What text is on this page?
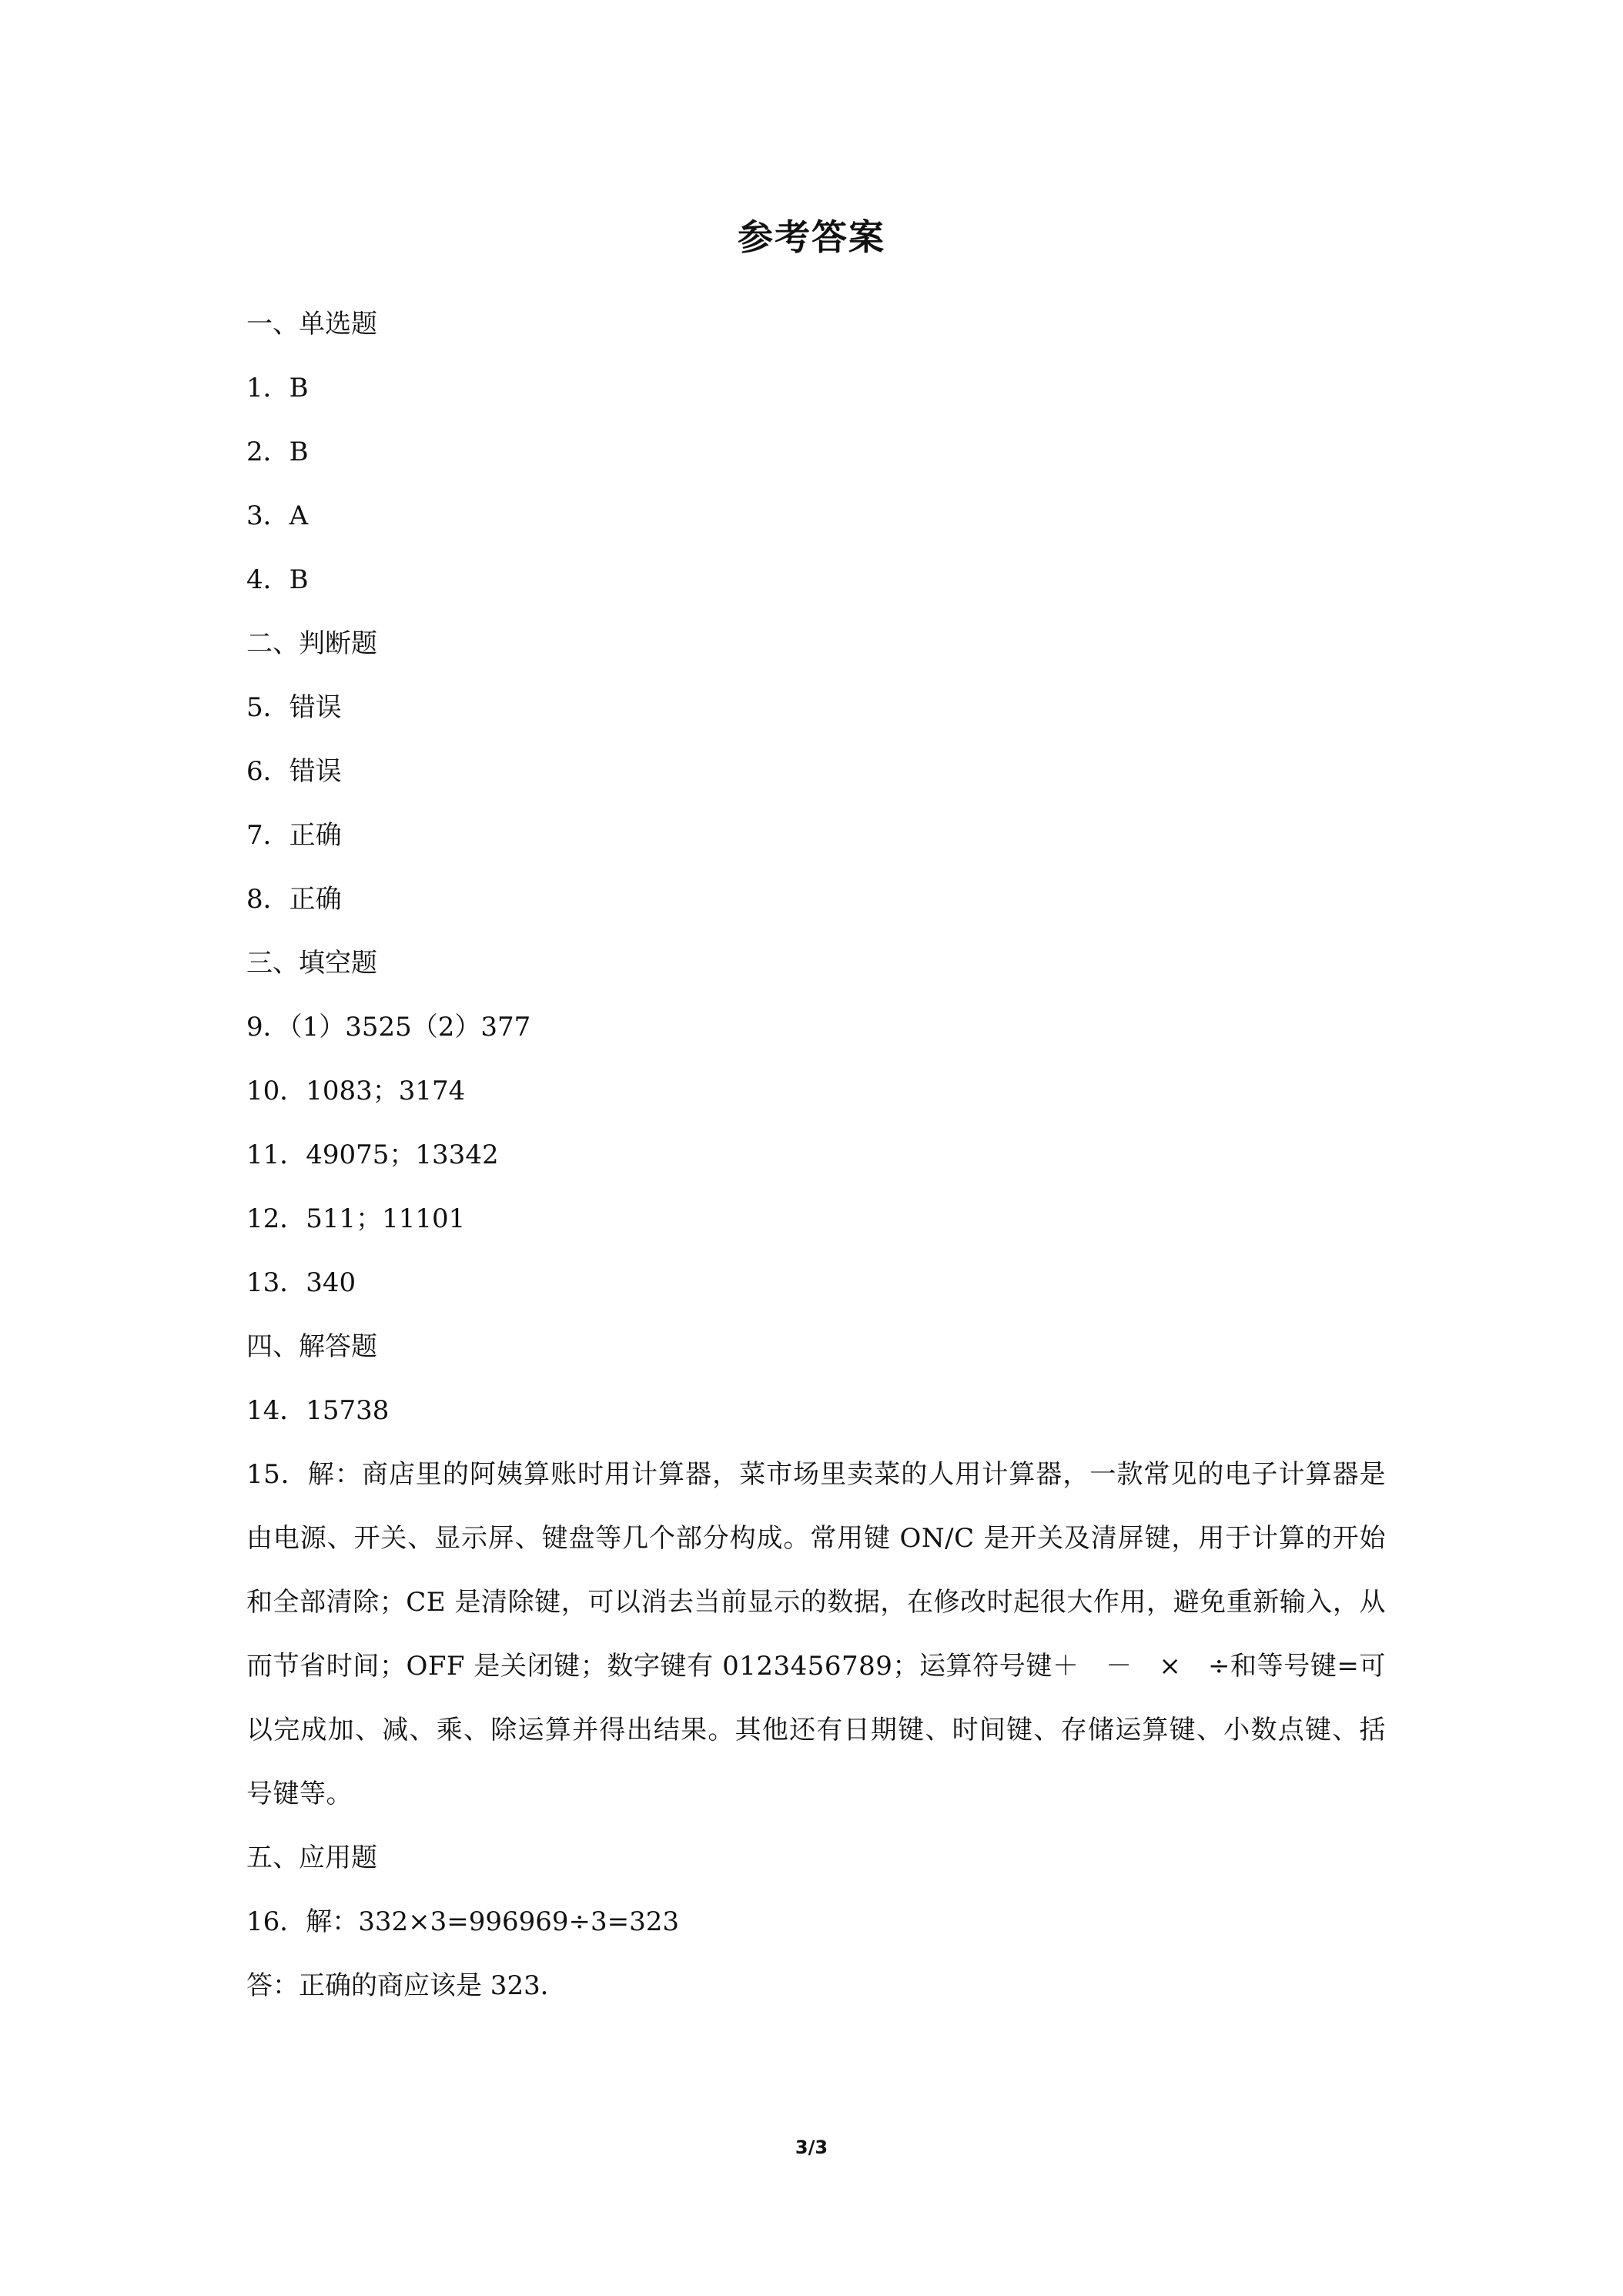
参考答案
一、单选题
1．B
2．B
3．A
4．B
二、判断题
5．错误
6．错误
7．正确
8．正确
三、填空题
9．（1）3525（2）377
10．1083；3174
11．49075；13342
12．511；11101
13．340
四、解答题
14．15738
15．解：商店里的阿姨算账时用计算器，菜市场里卖菜的人用计算器，一款常见的电子计算器是由电源、开关、显示屏、键盘等几个部分构成。常用键 ON/C 是开关及清屏键，用于计算的开始和全部清除；CE 是清除键，可以消去当前显示的数据，在修改时起很大作用，避免重新输入，从而节省时间；OFF 是关闭键；数字键有 0123456789；运算符号键＋　－　×　÷和等号键=可以完成加、减、乘、除运算并得出结果。其他还有日期键、时间键、存储运算键、小数点键、括号键等。
五、应用题
16．解：332×3=996969÷3=323
答：正确的商应该是 323．
3/3
